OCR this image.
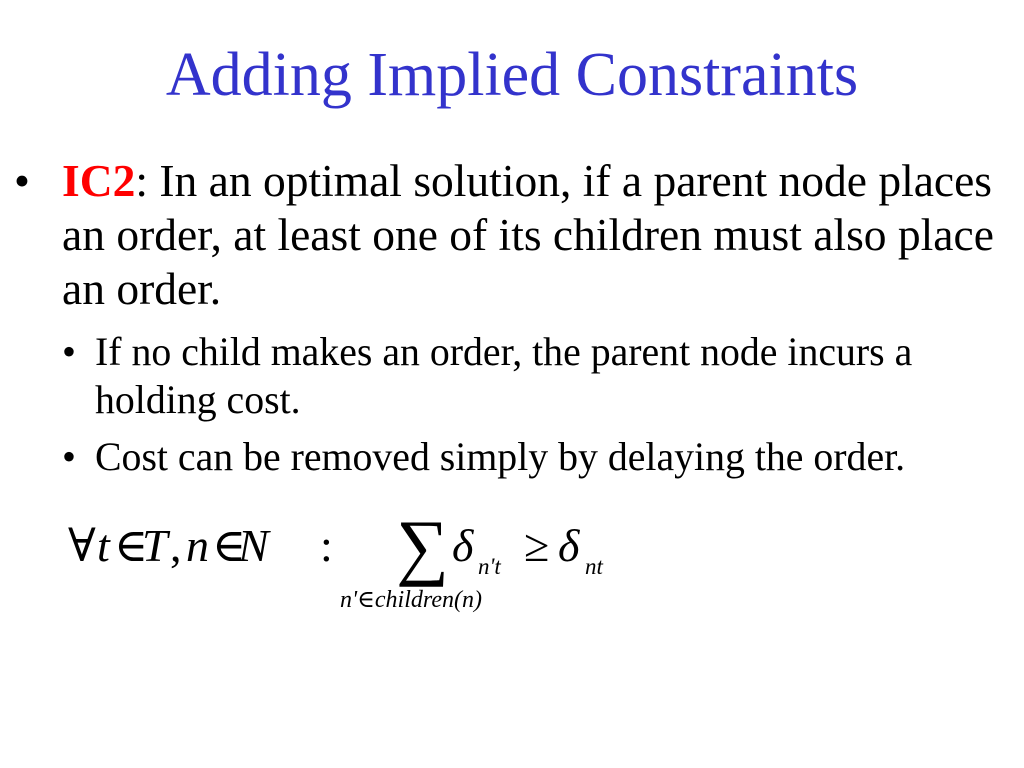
Adding Implied Constraints
• IC2: In an optimal solution, if a parent node places
an order, at least one of its children must also place
an order.
• If no child makes an order, the parent node incurs a
holding cost.
• Cost can be removed simply by delaying the order.
∀ t ∈
T , n ∈
N : ∑ δ n't ≥ δ nt
n'∈children(n)
